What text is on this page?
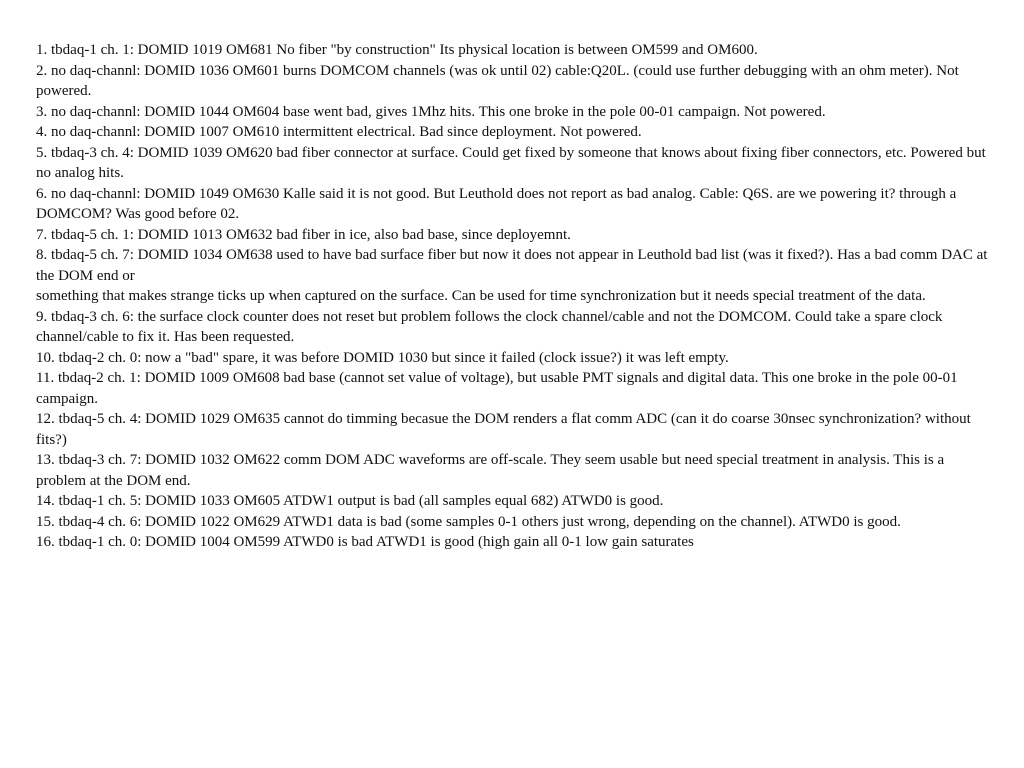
1. tbdaq-1 ch. 1: DOMID 1019 OM681 No fiber "by construction" Its physical location is between OM599 and OM600.

2. no daq-channl: DOMID 1036 OM601 burns DOMCOM channels (was ok until 02) cable:Q20L. (could use further debugging with an ohm meter). Not powered.

3. no daq-channl: DOMID 1044 OM604 base went bad, gives 1Mhz hits. This one broke in the pole 00-01 campaign. Not powered.

4. no daq-channl: DOMID 1007 OM610 intermittent electrical. Bad since deployment. Not powered.

5. tbdaq-3 ch. 4: DOMID 1039 OM620 bad fiber connector at surface. Could get fixed by someone that knows about fixing fiber connectors, etc. Powered but no analog hits.

6. no daq-channl: DOMID 1049 OM630 Kalle said it is not good. But Leuthold does not report as bad analog. Cable: Q6S. are we powering it? through a DOMCOM? Was good before 02.

7. tbdaq-5 ch. 1: DOMID 1013 OM632 bad fiber in ice, also bad base, since deployemnt.

8. tbdaq-5 ch. 7: DOMID 1034 OM638 used to have bad surface fiber but now it does not appear in Leuthold bad list (was it fixed?). Has a bad comm DAC at the DOM end or

something that makes strange ticks up when captured on the surface. Can be used for time synchronization but it needs special treatment of the data.

9. tbdaq-3 ch. 6: the surface clock counter does not reset but problem follows the clock channel/cable and not the DOMCOM. Could take a spare clock channel/cable to fix it. Has been requested.

10. tbdaq-2 ch. 0: now a "bad" spare, it was before DOMID 1030 but since it failed (clock issue?) it was left empty.

11. tbdaq-2 ch. 1: DOMID 1009 OM608 bad base (cannot set value of voltage), but usable PMT signals and digital data. This one broke in the pole 00-01 campaign.

12. tbdaq-5 ch. 4: DOMID 1029 OM635 cannot do timming becasue the DOM renders a flat comm ADC (can it do coarse 30nsec synchronization? without fits?)

13. tbdaq-3 ch. 7: DOMID 1032 OM622 comm DOM ADC waveforms are off-scale. They seem usable but need special treatment in analysis. This is a problem at the DOM end.

14. tbdaq-1 ch. 5: DOMID 1033 OM605 ATDW1 output is bad (all samples equal 682) ATWD0 is good.

15. tbdaq-4 ch. 6: DOMID 1022 OM629 ATWD1 data is bad (some samples 0-1 others just wrong, depending on the channel). ATWD0 is good.

16. tbdaq-1 ch. 0: DOMID 1004 OM599 ATWD0 is bad ATWD1 is good (high gain all 0-1 low gain saturates
